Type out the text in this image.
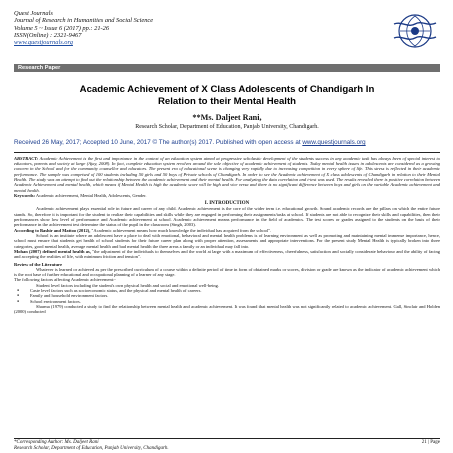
Quest Journals
Journal of Research in Humanities and Social Science
Volume 5 ~ Issue 6 (2017) pp.: 21-26
ISSN(Online) : 2321-9467
www.questjournals.org
Research Paper
Academic Achievement of X Class Adolescents of Chandigarh In
Relation to their Mental Health
**Ms. Daljeet Rani,
Research Scholar, Department of Education, Panjab University, Chandigarh.
Received 26 May, 2017; Accepted 10 June, 2017 © The author(s) 2017. Published with open access at www.questjournals.org

ABSTRACT: Academic Achievement is the first and importance in the context of an education system aimed at progressive scholastic development of the students success in any academic task has always been of special interest to educators, parents and society at large (Ajay, 2008). In fact, complete education system revolves around the sole objective of academic achievement of students. Today mental health issues in adolescents are considered as a growing concern in the School and for the community counsellor and educators. The present era of educational scene is changing very rapidly due to increasing competition in every sphere of life. This stress is reflected in their academic performance. The sample was comprised of 100 students including 50 girls and 50 boys of Private schools of Chandigarh. In order to see the Academic achievement of X class adolescents of Chandigarh in relation to their Mental Health. The study was an attempt to find out the relationship between the academic achievement and their mental health. For analyzing the data correlation and t-test was used. The results revealed there is positive correlation between Academic Achievement and mental health, which means if Mental Health is high the academic score will be high and vice versa and there is no significant difference between boys and girls on the variable Academic achievement and mental health.

Keywords: Academic achievement, Mental Health, Adolescents, Gender.

I. INTRODUCTION

Academic achievement plays essential role in future and career of any child. Academic achievement is the core of the wider term i.e. educational growth. Sound academic records are the pillars on which the entire future stands. So, therefore it is important for the student to realize their capabilities and skills while they are engaged in performing their assignments/tasks at school. If students are not able to recognize their skills and capabilities, then their performances show low level of performance and Academic achievement at school. Academic achievement means performance in the field of academics. The test scores or grades assigned to the students on the basis of their performance in the achievement test determine the status of the pupil in the classroom (Singh, 2003).

According to Bashir and Mattoo (2012), "Academic achievement means how much knowledge the individual has acquired from the school".

School is an institute where an adolescent have a place to deal with emotional, behavioral and mental health problems is of learning environment as well as promoting and maintaining mental immense importance, hence, school must ensure that students get health of school students for their future career plan along with proper attention, assessments and appropriate interventions. For the present study Mental Health is typically broken into three categories, good mental health, average mental health and bad mental health the three areas a family or an individual may fall into.

Mohan (2007) defined mental health as, "the adjustment of the individuals to themselves and the world at large with a maximum of effectiveness, cheerfulness, satisfaction and socially considerate behaviour and the ability of facing and accepting the realities of life, with minimum friction and tension".

Review of the Literature

Whatever is learned or achieved as per the prescribed curriculum of a course within a definite period of time in form of obtained marks or scores, division or grade are known as the indicator of academic achievement which is the root base of further educational and occupational planning of a learner of any stage.

The following factors affecting Academic achievement:-

Student level factors including the student's own physical health and social and emotional well-being.

● Caste level factors such as socioeconomic status, and the physical and mental health of careers.
● Family and household environment factors.
● School environment factors.

Sharma (1979) conducted a study to find the relationship between mental health and academic achievement. It was found that mental health was not significantly related to academic achievement. Gall, Sinclair and Holden (2000) conducted

*Corresponding Author: Ms. Daljeet Rani	21 | Page
Research Scholar, Department of Education, Panjab University, Chandigarh.
